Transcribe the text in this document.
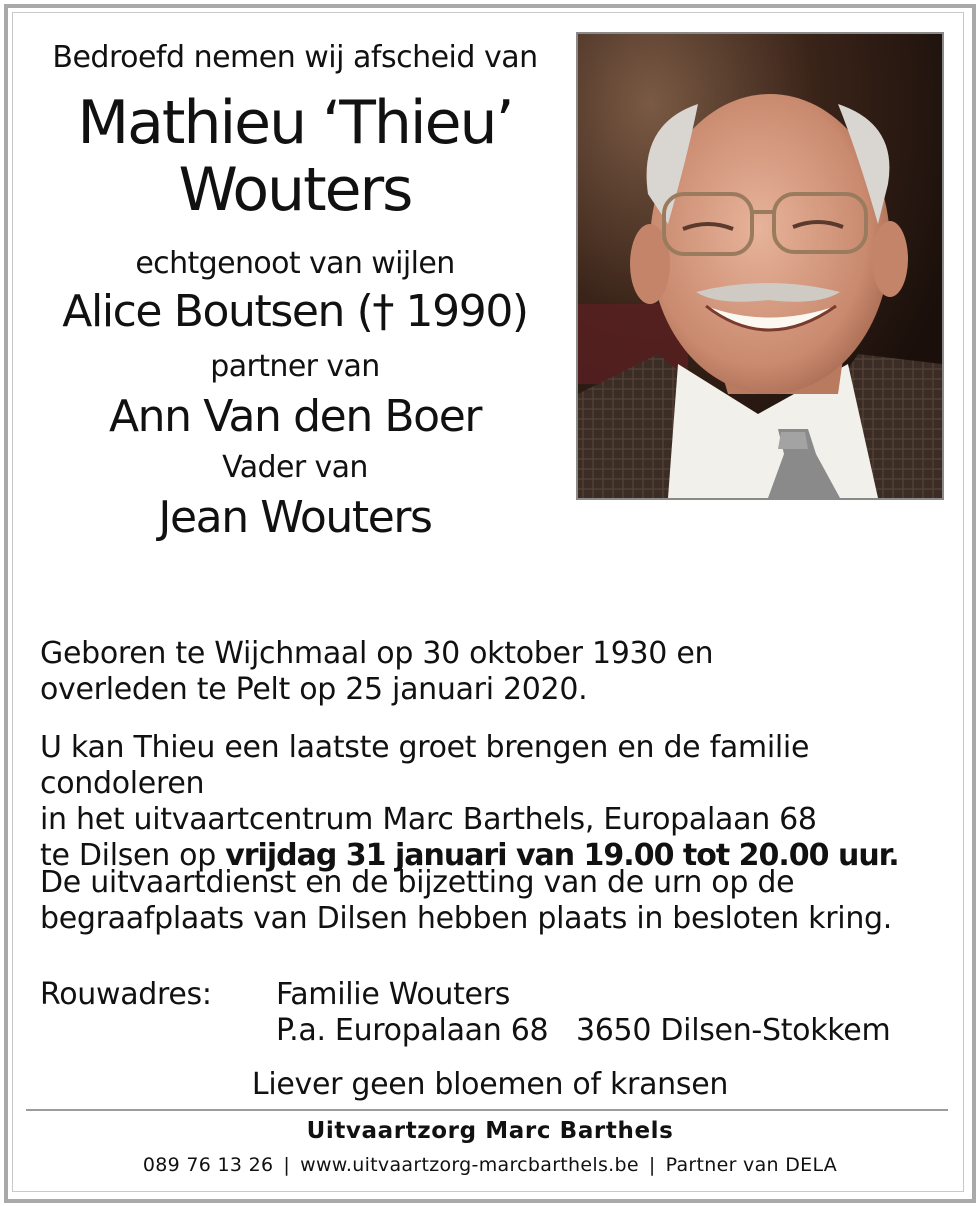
Bedroefd nemen wij afscheid van

Mathieu ‘Thieu’
Wouters

echtgenoot van wijlen

Alice Boutsen († 1990)

partner van

Ann Van den Boer

Vader van

Jean Wouters

Geboren te Wijchmaal op 30 oktober 1930 en
overleden te Pelt op 25 januari 2020.
U kan Thieu een laatste groet brengen en de familie condoleren
in het uitvaartcentrum Marc Barthels, Europalaan 68
te Dilsen op vrijdag 31 januari van 19.00 tot 20.00 uur.
De uitvaartdienst en de bijzetting van de urn op de
begraafplaats van Dilsen hebben plaats in besloten kring.
Rouwadres: Familie Wouters
P.a. Europalaan 68   3650 Dilsen-Stokkem
Liever geen bloemen of kransen
Uitvaartzorg Marc Barthels
089 76 13 26 | www.uitvaartzorg-marcbarthels.be | Partner van DELA
